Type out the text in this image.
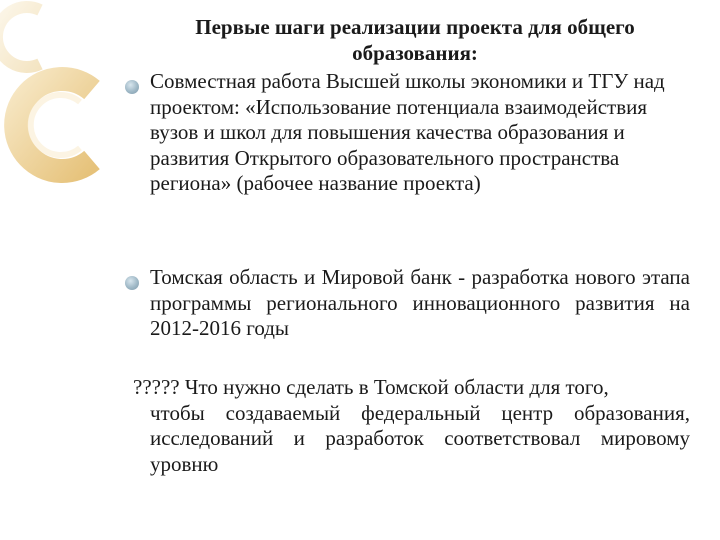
Первые шаги реализации проекта для общего образования:
Совместная работа Высшей школы экономики и ТГУ над проектом: «Использование потенциала взаимодействия вузов и школ для повышения качества образования и развития Открытого образовательного пространства региона» (рабочее название проекта)
Томская область и Мировой банк - разработка нового этапа программы регионального инновационного развития на 2012-2016 годы
????? Что нужно сделать в Томской области для того,
чтобы создаваемый федеральный центр образования, исследований и разработок соответствовал мировому уровню
